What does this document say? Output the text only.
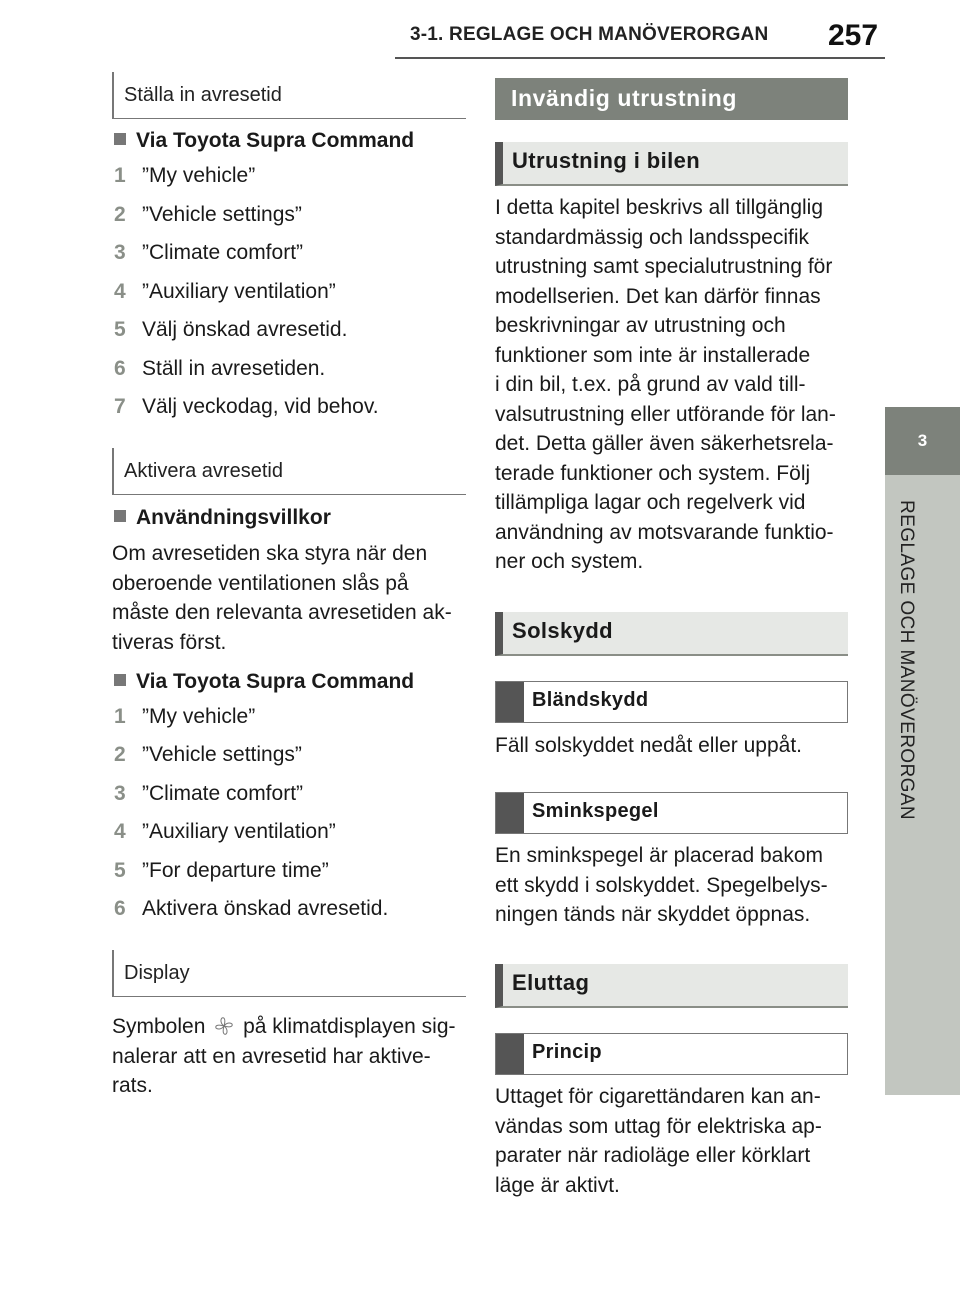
3-1. REGLAGE OCH MANÖVERORGAN 257
3
REGLAGE OCH MANÖVERORGAN
Ställa in avresetid
Via Toyota Supra Command
1 ”My vehicle”
2 ”Vehicle settings”
3 ”Climate comfort”
4 ”Auxiliary ventilation”
5 Välj önskad avresetid.
6 Ställ in avresetiden.
7 Välj veckodag, vid behov.
Aktivera avresetid
Användningsvillkor
Om avresetiden ska styra när den
oberoende ventilationen slås på
måste den relevanta avresetiden ak-
tiveras först.
Via Toyota Supra Command
1 ”My vehicle”
2 ”Vehicle settings”
3 ”Climate comfort”
4 ”Auxiliary ventilation”
5 ”For departure time”
6 Aktivera önskad avresetid.
Display
Symbolen på klimatdisplayen sig-
nalerar att en avresetid har aktive-
rats.
Invändig utrustning
Utrustning i bilen
I detta kapitel beskrivs all tillgänglig
standardmässig och landsspecifik
utrustning samt specialutrustning för
modellserien. Det kan därför finnas
beskrivningar av utrustning och
funktioner som inte är installerade
i din bil, t.ex. på grund av vald till-
valsutrustning eller utförande för lan-
det. Detta gäller även säkerhetsrela-
terade funktioner och system. Följ
tillämpliga lagar och regelverk vid
användning av motsvarande funktio-
ner och system.
Solskydd
Bländskydd
Fäll solskyddet nedåt eller uppåt.
Sminkspegel
En sminkspegel är placerad bakom
ett skydd i solskyddet. Spegelbelys-
ningen tänds när skyddet öppnas.
Eluttag
Princip
Uttaget för cigarettändaren kan an-
vändas som uttag för elektriska ap-
parater när radioläge eller körklart
läge är aktivt.
